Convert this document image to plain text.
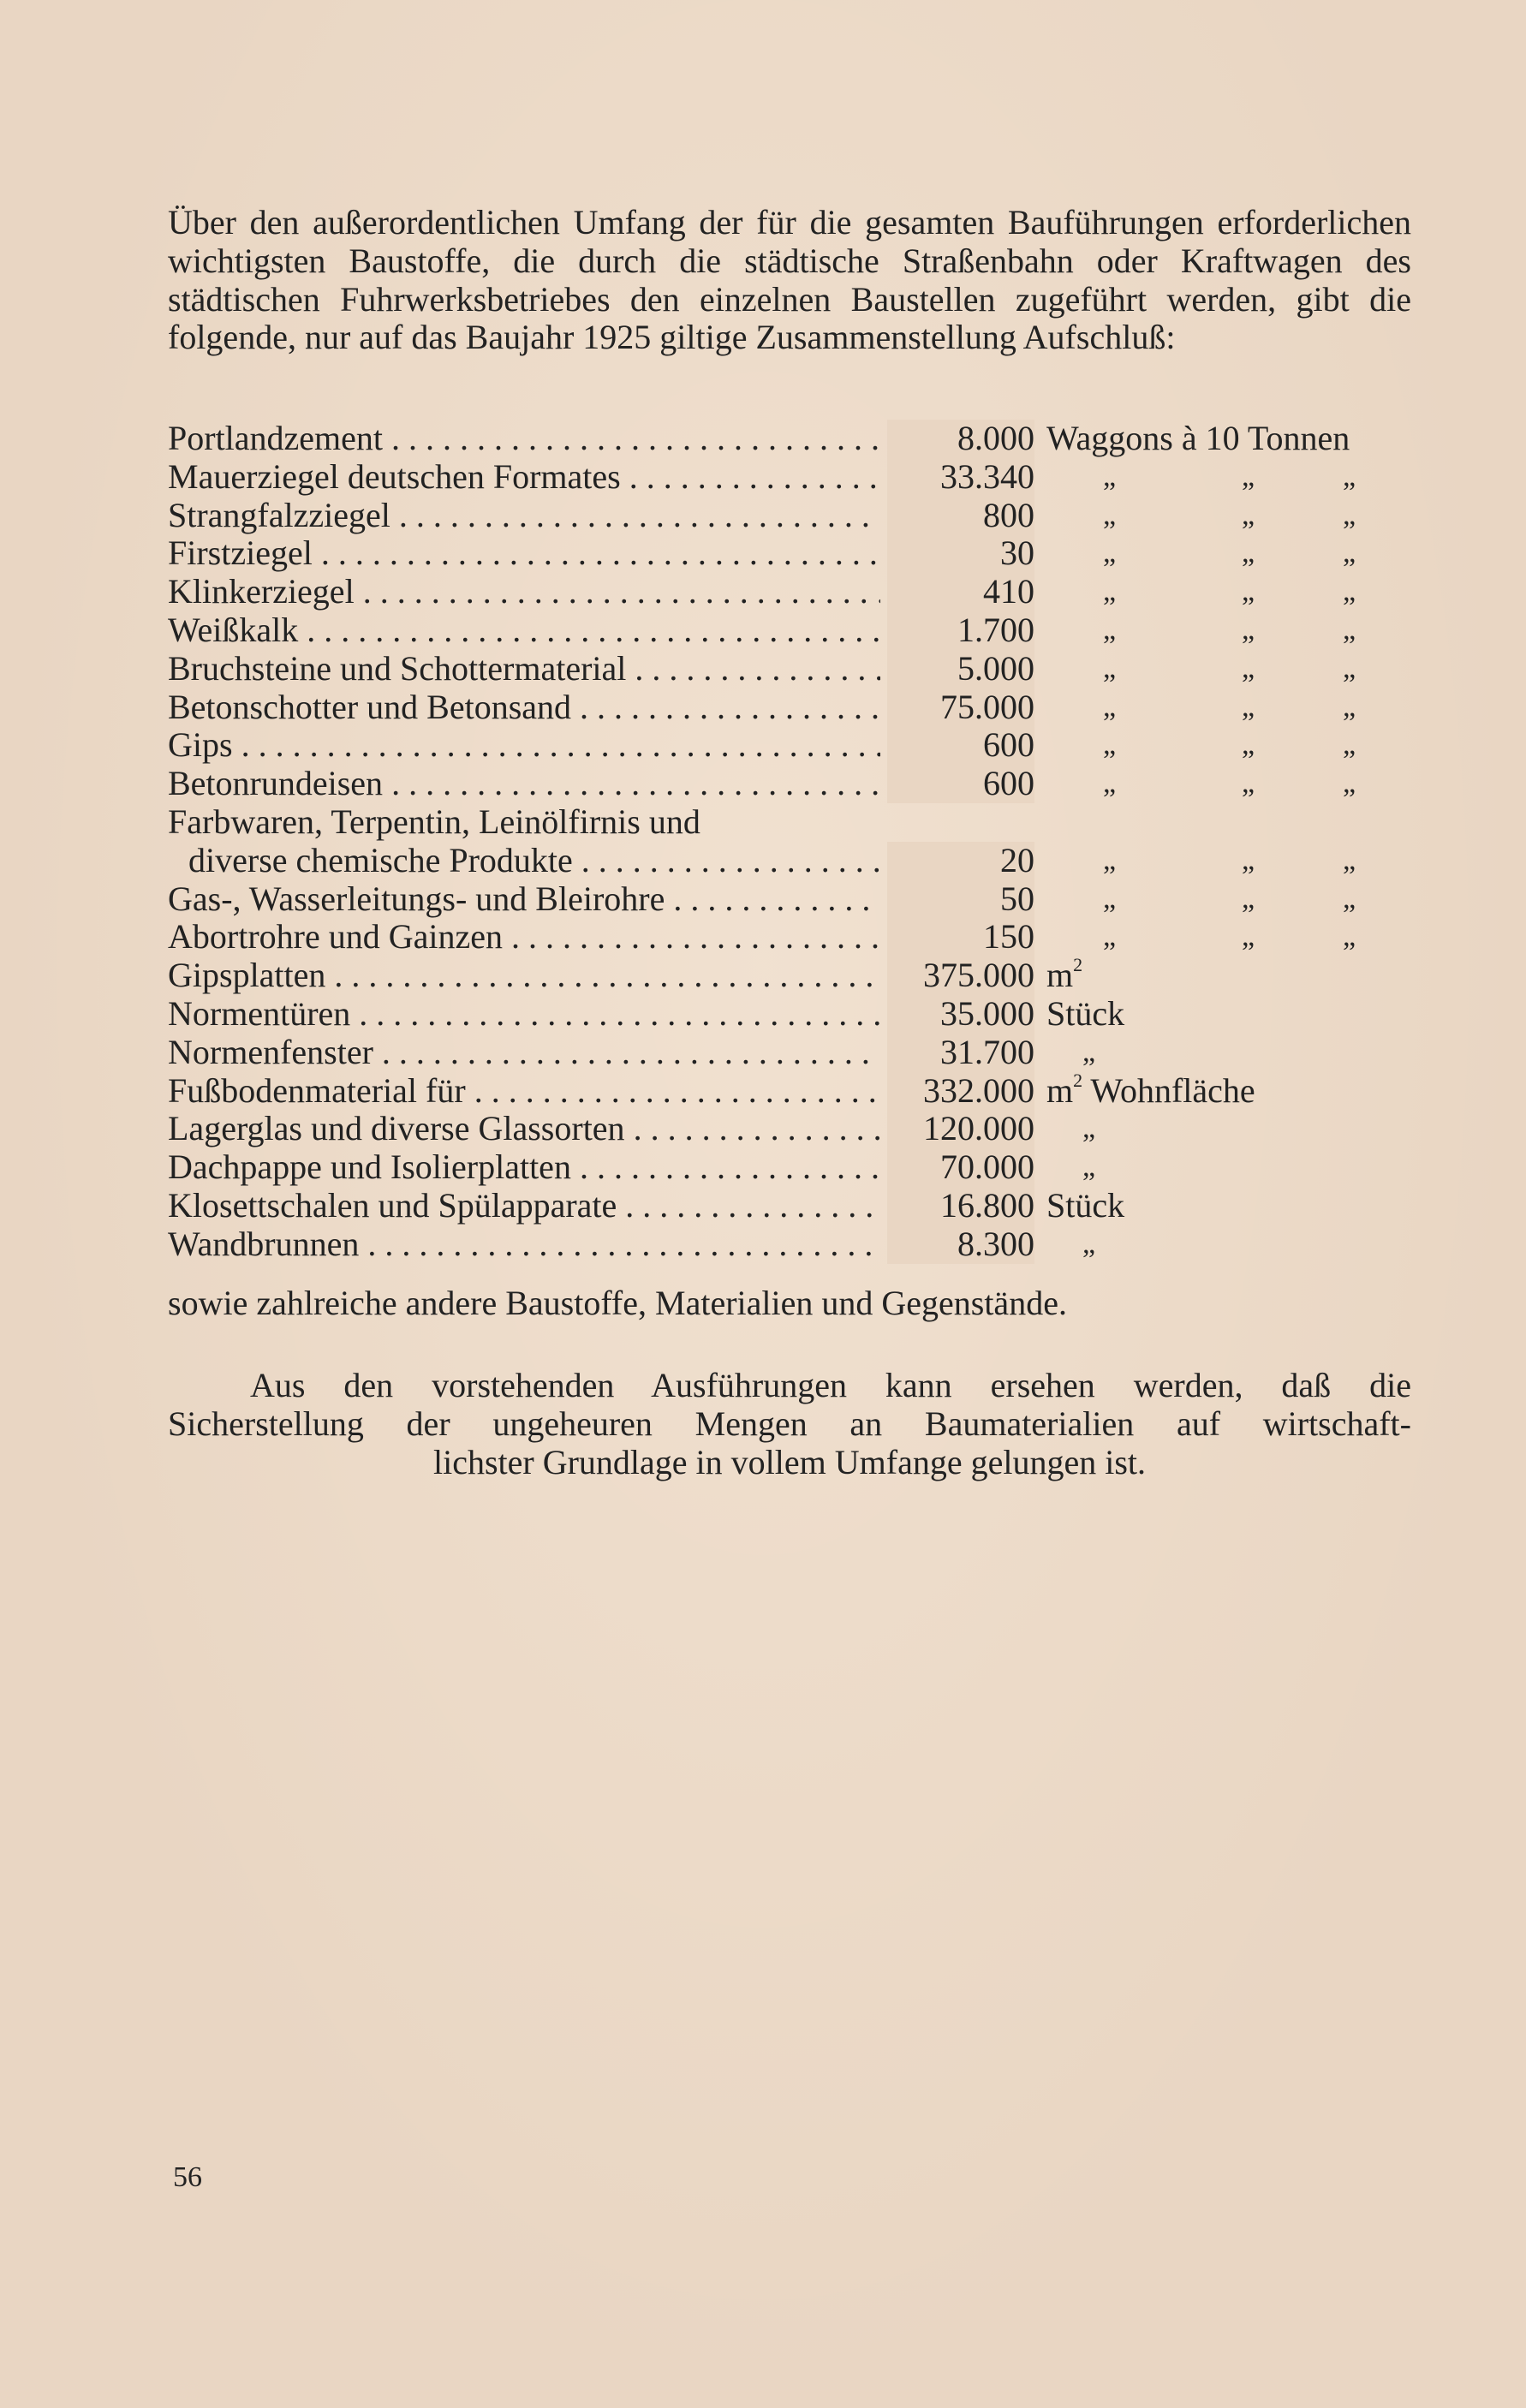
Über den außerordentlichen Umfang der für die gesamten Bauführungen erforderlichen wichtigsten Baustoffe, die durch die städtische Straßenbahn oder Kraftwagen des städtischen Fuhrwerksbetriebes den einzelnen Baustellen zugeführt werden, gibt die folgende, nur auf das Baujahr 1925 giltige Zusammenstellung Aufschluß:

Portlandzement . . .	8.000 Waggons à 10 Tonnen
Mauerziegel deutschen Formates . . .	33.340 „	„	„
Strangfalzziegel . . .	800 „	„	„
Firstziegel . . .	30 „	„	„
Klinkerziegel . . .	410 „	„	„
Weißkalk . . .	1.700 „	„	„
Bruchsteine und Schottermaterial . . .	5.000 „	„	„
Betonschotter und Betonsand . . .	75.000 „	„	„
Gips . . .	600 „	„	„
Betonrundeisen . . .	600 „	„	„
Farbwaren, Terpentin, Leinölfirnis und
diverse chemische Produkte . . .	20 „	„	„
Gas-, Wasserleitungs- und Bleirohre . . .	50 „	„	„
Abortrohre und Gainzen . . .	150 „	„	„
Gipsplatten . . .	375.000 $m^2$
Normentüren . . .	35.000 Stück
Normenfenster . . .	31.700 „
Fußbodenmaterial für . . .	332.000 $m^2$ Wohnfläche
Lagerglas und diverse Glassorten . . .	120.000 „
Dachpappe und Isolierplatten . . .	70.000 „
Klosettschalen und Spülapparate . . .	16.800 Stück
Wandbrunnen . . .	8.300 „

sowie zahlreiche andere Baustoffe, Materialien und Gegenstände.

Aus den vorstehenden Ausführungen kann ersehen werden, daß die
Sicherstellung der ungeheuren Mengen an Baumaterialien auf wirtschaft-
lichster Grundlage in vollem Umfange gelungen ist.
56
